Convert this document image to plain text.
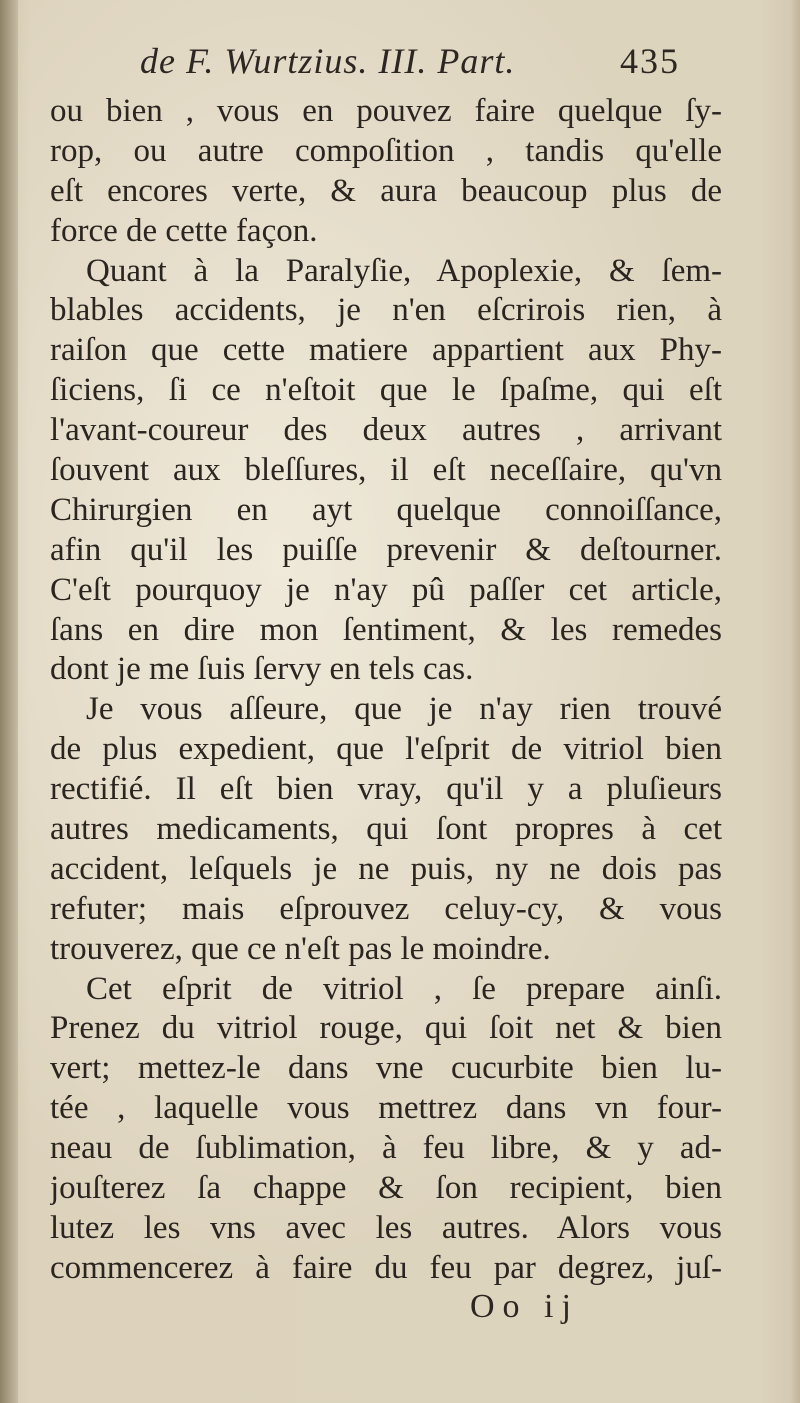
de F. Wurtzius. III. Part.	435
ou bien , vous en pouvez faire quelque ſy-
rop, ou autre compoſition , tandis qu'elle
eſt encores verte, & aura beaucoup plus de
force de cette façon.
Quant à la Paralyſie, Apoplexie, & ſem-
blables accidents, je n'en eſcrirois rien, à
raiſon que cette matiere appartient aux Phy-
ſiciens, ſi ce n'eſtoit que le ſpaſme, qui eſt
l'avant-coureur des deux autres , arrivant
ſouvent aux bleſſures, il eſt neceſſaire, qu'vn
Chirurgien en ayt quelque connoiſſance,
afin qu'il les puiſſe prevenir & deſtourner.
C'eſt pourquoy je n'ay pû paſſer cet article,
ſans en dire mon ſentiment, & les remedes
dont je me ſuis ſervy en tels cas.
Je vous aſſeure, que je n'ay rien trouvé
de plus expedient, que l'eſprit de vitriol bien
rectifié. Il eſt bien vray, qu'il y a pluſieurs
autres medicaments, qui ſont propres à cet
accident, leſquels je ne puis, ny ne dois pas
refuter; mais eſprouvez celuy-cy, & vous
trouverez, que ce n'eſt pas le moindre.
Cet eſprit de vitriol , ſe prepare ainſi.
Prenez du vitriol rouge, qui ſoit net & bien
vert; mettez-le dans vne cucurbite bien lu-
tée , laquelle vous mettrez dans vn four-
neau de ſublimation, à feu libre, & y ad-
jouſterez ſa chappe & ſon recipient, bien
lutez les vns avec les autres. Alors vous
commencerez à faire du feu par degrez, juſ-
Oo ij
